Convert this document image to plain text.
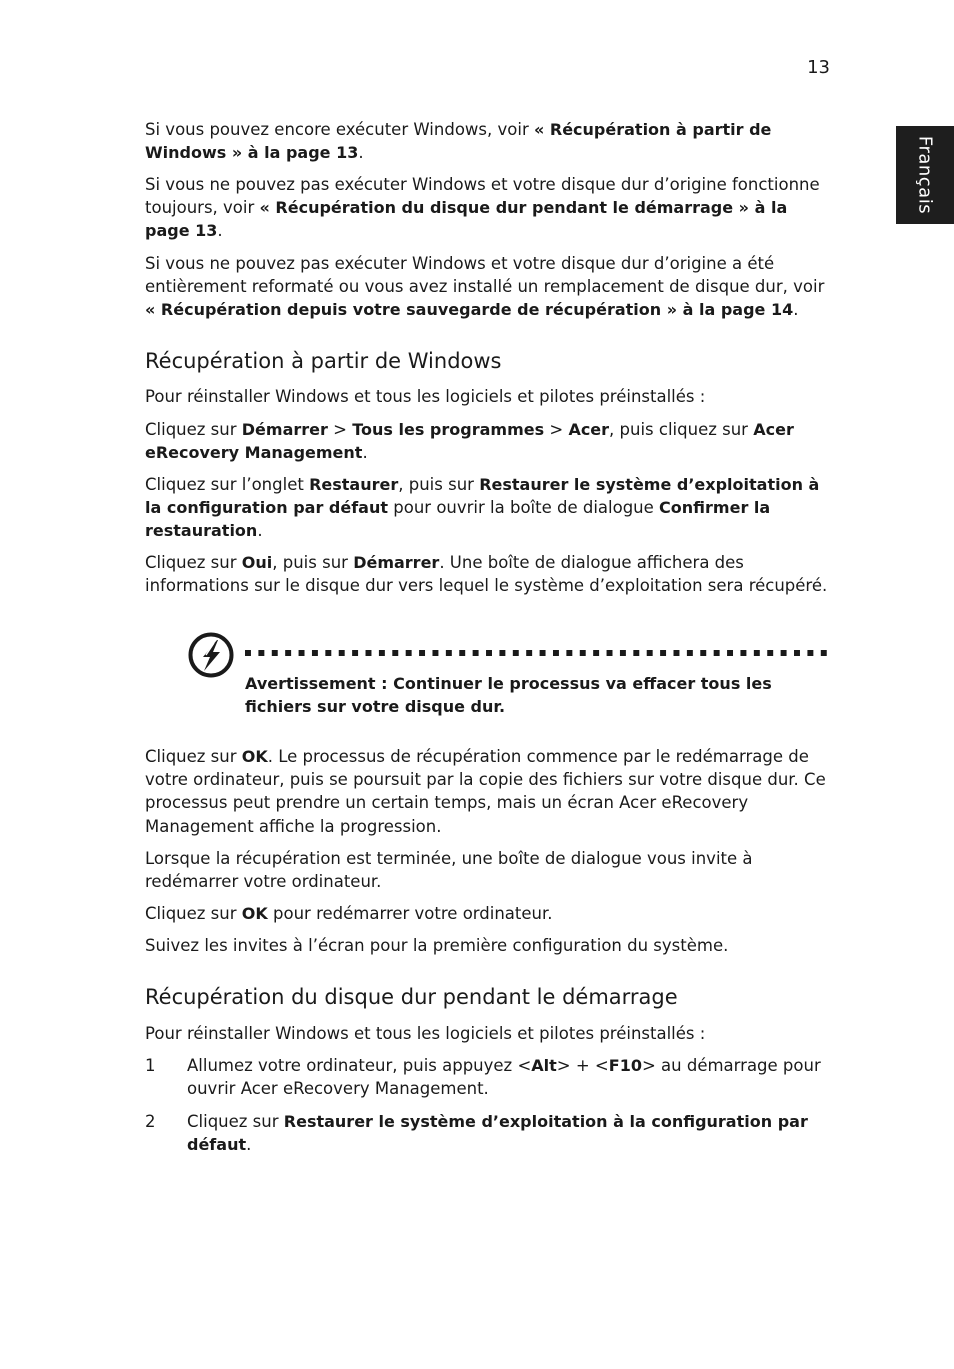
13
Français

Si vous pouvez encore exécuter Windows, voir « Récupération à partir de Windows » à la page 13.

Si vous ne pouvez pas exécuter Windows et votre disque dur d’origine fonctionne toujours, voir « Récupération du disque dur pendant le démarrage » à la page 13.

Si vous ne pouvez pas exécuter Windows et votre disque dur d’origine a été entièrement reformaté ou vous avez installé un remplacement de disque dur, voir « Récupération depuis votre sauvegarde de récupération » à la page 14.

Récupération à partir de Windows

Pour réinstaller Windows et tous les logiciels et pilotes préinstallés :

Cliquez sur Démarrer > Tous les programmes > Acer, puis cliquez sur Acer eRecovery Management.

Cliquez sur l’onglet Restaurer, puis sur Restaurer le système d’exploitation à la configuration par défaut pour ouvrir la boîte de dialogue Confirmer la restauration.

Cliquez sur Oui, puis sur Démarrer. Une boîte de dialogue affichera des informations sur le disque dur vers lequel le système d’exploitation sera récupéré.

Avertissement : Continuer le processus va effacer tous les fichiers sur votre disque dur.

Cliquez sur OK. Le processus de récupération commence par le redémarrage de votre ordinateur, puis se poursuit par la copie des fichiers sur votre disque dur. Ce processus peut prendre un certain temps, mais un écran Acer eRecovery Management affiche la progression.

Lorsque la récupération est terminée, une boîte de dialogue vous invite à redémarrer votre ordinateur.

Cliquez sur OK pour redémarrer votre ordinateur.

Suivez les invites à l’écran pour la première configuration du système.

Récupération du disque dur pendant le démarrage

Pour réinstaller Windows et tous les logiciels et pilotes préinstallés :

1 Allumez votre ordinateur, puis appuyez <Alt> + <F10> au démarrage pour ouvrir Acer eRecovery Management.
2 Cliquez sur Restaurer le système d’exploitation à la configuration par défaut.
